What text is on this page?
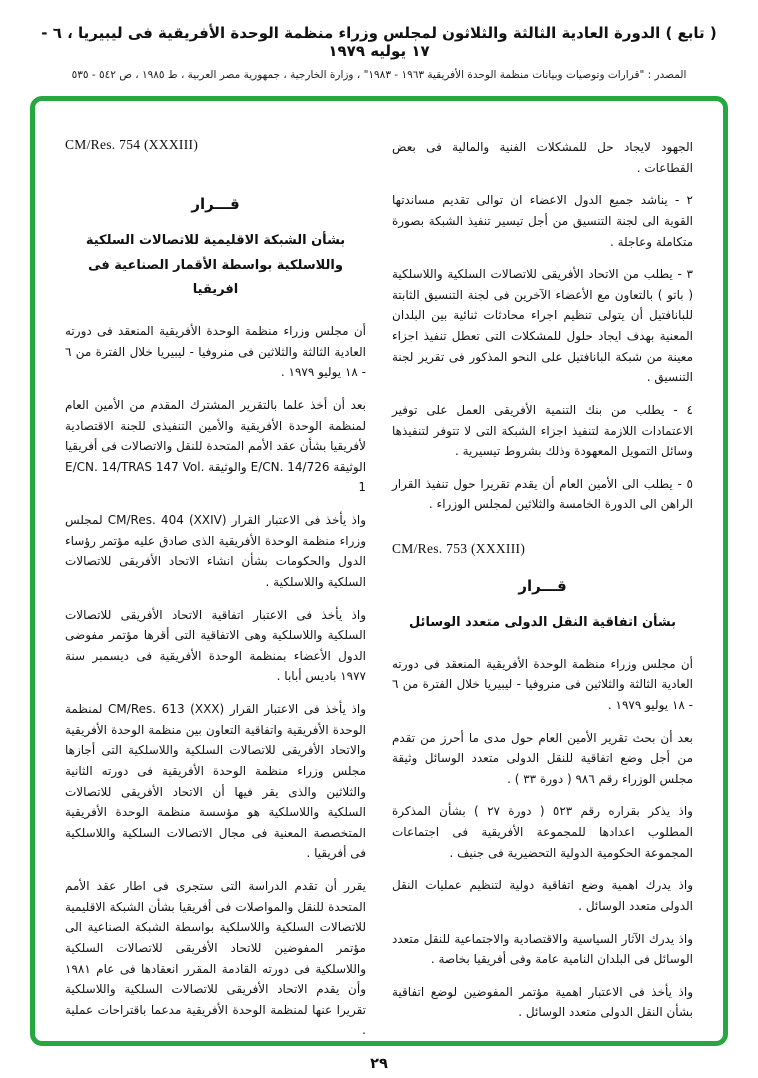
( تابع ) الدورة العادية الثالثة والثلاثون لمجلس وزراء منظمة الوحدة الأفريقية فى ليبيريا ، ٦ - ١٧ يوليه ١٩٧٩
المصدر : "قرارات وتوصيات وبيانات منظمة الوحدة الأفريقية ١٩٦٣ - ١٩٨٣" ، وزارة الخارجية ، جمهورية مصر العربية ، ط ١٩٨٥ ، ص ٥٤٢ - ٥٣٥

الجهود لايجاد حل للمشكلات الفنية والمالية فى بعض القطاعات .

٢ - يناشد جميع الدول الاعضاء ان توالى تقديم مساندتها القوية الى لجنة التنسيق من أجل تيسير تنفيذ الشبكة بصورة متكاملة وعاجلة .

٣ - يطلب من الاتحاد الأفريقى للاتصالات السلكية واللاسلكية ( باتو ) بالتعاون مع الأعضاء الآخرين فى لجنة التنسيق الثابتة للبانافتيل أن يتولى تنظيم اجراء محادثات ثنائية بين البلدان المعنية بهدف ايجاد حلول للمشكلات التى تعطل تنفيذ اجزاء معينة من شبكة البانافتيل على النحو المذكور فى تقرير لجنة التنسيق .

٤ - يطلب من بنك التنمية الأفريقى العمل على توفير الاعتمادات اللازمة لتنفيذ اجزاء الشبكة التى لا تتوفر لتنفيذها وسائل التمويل المعهودة وذلك بشروط تيسيرية .

٥ - يطلب الى الأمين العام أن يقدم تقريرا حول تنفيذ القرار الراهن الى الدورة الخامسة والثلاثين لمجلس الوزراء .

CM/Res. 753 (XXXIII)
قـــرار
بشأن اتفاقية النقل الدولى متعدد الوسائل

أن مجلس وزراء منظمة الوحدة الأفريقية المنعقد فى دورته العادية الثالثة والثلاثين فى منروفيا - ليبيريا خلال الفترة من ٦ - ١٨ يوليو ١٩٧٩ .

بعد أن بحث تقرير الأمين العام حول مدى ما أحرز من تقدم من أجل وضع اتفاقية للنقل الدولى متعدد الوسائل وثيقة مجلس الوزراء رقم ٩٨٦ ( دورة ٣٣ ) .

واذ يذكر بقراره رقم ٥٢٣ ( دورة ٢٧ ) بشأن المذكرة المطلوب اعدادها للمجموعة الأفريقية فى اجتماعات المجموعة الحكومية الدولية التحضيرية فى جنيف .

واذ يدرك اهمية وضع اتفاقية دولية لتنظيم عمليات النقل الدولى متعدد الوسائل .

واذ يدرك الآثار السياسية والاقتصادية والاجتماعية للنقل متعدد الوسائل فى البلدان النامية عامة وفى أفريقيا بخاصة .

واذ يأخذ فى الاعتبار اهمية مؤتمر المفوضين لوضع اتفاقية بشأن النقل الدولى متعدد الوسائل .

CM/Res. 754 (XXXIII)
قـــرار
بشأن الشبكة الاقليمية للاتصالات السلكية
واللاسلكية بواسطة الأقمار الصناعية فى افريقيا

أن مجلس وزراء منظمة الوحدة الأفريقية المنعقد فى دورته العادية الثالثة والثلاثين فى منروفيا - ليبيريا خلال الفترة من ٦ - ١٨ يوليو ١٩٧٩ .

بعد أن أخذ علما بالتقرير المشترك المقدم من الأمين العام لمنظمة الوحدة الأفريقية والأمين التنفيذى للجنة الاقتصادية لأفريقيا بشأن عقد الأمم المتحدة للنقل والاتصالات فى أفريقيا الوثيقة ‎E/CN. 14/726‎ والوثيقة ‎E/CN. 14/TRAS 147 Vol. 1‎

واذ يأخذ فى الاعتبار القرار ‎CM/Res. 404 (XXIV)‎ لمجلس وزراء منظمة الوحدة الأفريقية الذى صادق عليه مؤتمر رؤساء الدول والحكومات بشأن انشاء الاتحاد الأفريقى للاتصالات السلكية واللاسلكية .

واذ يأخذ فى الاعتبار اتفاقية الاتحاد الأفريقى للاتصالات السلكية واللاسلكية وهى الاتفاقية التى أقرها مؤتمر مفوضى الدول الأعضاء بمنظمة الوحدة الأفريقية فى ديسمبر سنة ١٩٧٧ باديس أبابا .

واذ يأخذ فى الاعتبار القرار ‎CM/Res. 613 (XXX)‎ لمنظمة الوحدة الأفريقية واتفاقية التعاون بين منظمة الوحدة الأفريقية والاتحاد الأفريقى للاتصالات السلكية واللاسلكية التى أجازها مجلس وزراء منظمة الوحدة الأفريقية فى دورته الثانية والثلاثين والذى يقر فيها أن الاتحاد الأفريقى للاتصالات السلكية واللاسلكية هو مؤسسة منظمة الوحدة الأفريقية المتخصصة المعنية فى مجال الاتصالات السلكية واللاسلكية فى أفريقيا .

يقرر أن تقدم الدراسة التى ستجرى فى اطار عقد الأمم المتحدة للنقل والمواصلات فى أفريقيا بشأن الشبكة الاقليمية للاتصالات السلكية واللاسلكية بواسطة الشبكة الصناعية الى مؤتمر المفوضين للاتحاد الأفريقى للاتصالات السلكية واللاسلكية فى دورته القادمة المقرر انعقادها فى عام ١٩٨١ وأن يقدم الاتحاد الأفريقى للاتصالات السلكية واللاسلكية تقريرا عنها لمنظمة الوحدة الأفريقية مدعما باقتراحات عملية .

٢٩
